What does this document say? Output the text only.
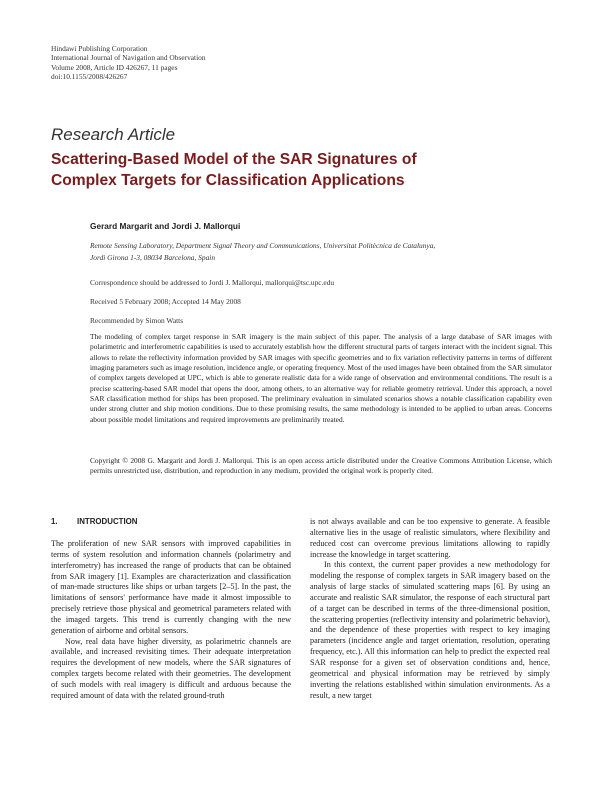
Hindawi Publishing Corporation
International Journal of Navigation and Observation
Volume 2008, Article ID 426267, 11 pages
doi:10.1155/2008/426267
Research Article
Scattering-Based Model of the SAR Signatures of
Complex Targets for Classification Applications
Gerard Margarit and Jordi J. Mallorqui
Remote Sensing Laboratory, Department Signal Theory and Communications, Universitat Politècnica de Catalunya,
Jordi Girona 1-3, 08034 Barcelona, Spain
Correspondence should be addressed to Jordi J. Mallorqui, mallorqui@tsc.upc.edu
Received 5 February 2008; Accepted 14 May 2008
Recommended by Simon Watts
The modeling of complex target response in SAR imagery is the main subject of this paper. The analysis of a large database of SAR images with polarimetric and interferometric capabilities is used to accurately establish how the different structural parts of targets interact with the incident signal. This allows to relate the reflectivity information provided by SAR images with specific geometries and to fix variation reflectivity patterns in terms of different imaging parameters such as image resolution, incidence angle, or operating frequency. Most of the used images have been obtained from the SAR simulator of complex targets developed at UPC, which is able to generate realistic data for a wide range of observation and environmental conditions. The result is a precise scattering-based SAR model that opens the door, among others, to an alternative way for reliable geometry retrieval. Under this approach, a novel SAR classification method for ships has been proposed. The preliminary evaluation in simulated scenarios shows a notable classification capability even under strong clutter and ship motion conditions. Due to these promising results, the same methodology is intended to be applied to urban areas. Concerns about possible model limitations and required improvements are preliminarily treated.
Copyright © 2008 G. Margarit and Jordi J. Mallorqui. This is an open access article distributed under the Creative Commons Attribution License, which permits unrestricted use, distribution, and reproduction in any medium, provided the original work is properly cited.
1. INTRODUCTION

The proliferation of new SAR sensors with improved capabilities in terms of system resolution and information channels (polarimetry and interferometry) has increased the range of products that can be obtained from SAR imagery [1]. Examples are characterization and classification of man-made structures like ships or urban targets [2–5]. In the past, the limitations of sensors' performance have made it almost impossible to precisely retrieve those physical and geometrical parameters related with the imaged targets. This trend is currently changing with the new generation of airborne and orbital sensors.

Now, real data have higher diversity, as polarimetric channels are available, and increased revisiting times. Their adequate interpretation requires the development of new models, where the SAR signatures of complex targets become related with their geometries. The development of such models with real imagery is difficult and arduous because the required amount of data with the related ground-truth

is not always available and can be too expensive to generate. A feasible alternative lies in the usage of realistic simulators, where flexibility and reduced cost can overcome previous limitations allowing to rapidly increase the knowledge in target scattering.

In this context, the current paper provides a new methodology for modeling the response of complex targets in SAR imagery based on the analysis of large stacks of simulated scattering maps [6]. By using an accurate and realistic SAR simulator, the response of each structural part of a target can be described in terms of the three-dimensional position, the scattering properties (reflectivity intensity and polarimetric behavior), and the dependence of these properties with respect to key imaging parameters (incidence angle and target orientation, resolution, operating frequency, etc.). All this information can help to predict the expected real SAR response for a given set of observation conditions and, hence, geometrical and physical information may be retrieved by simply inverting the relations established within simulation environments. As a result, a new target
